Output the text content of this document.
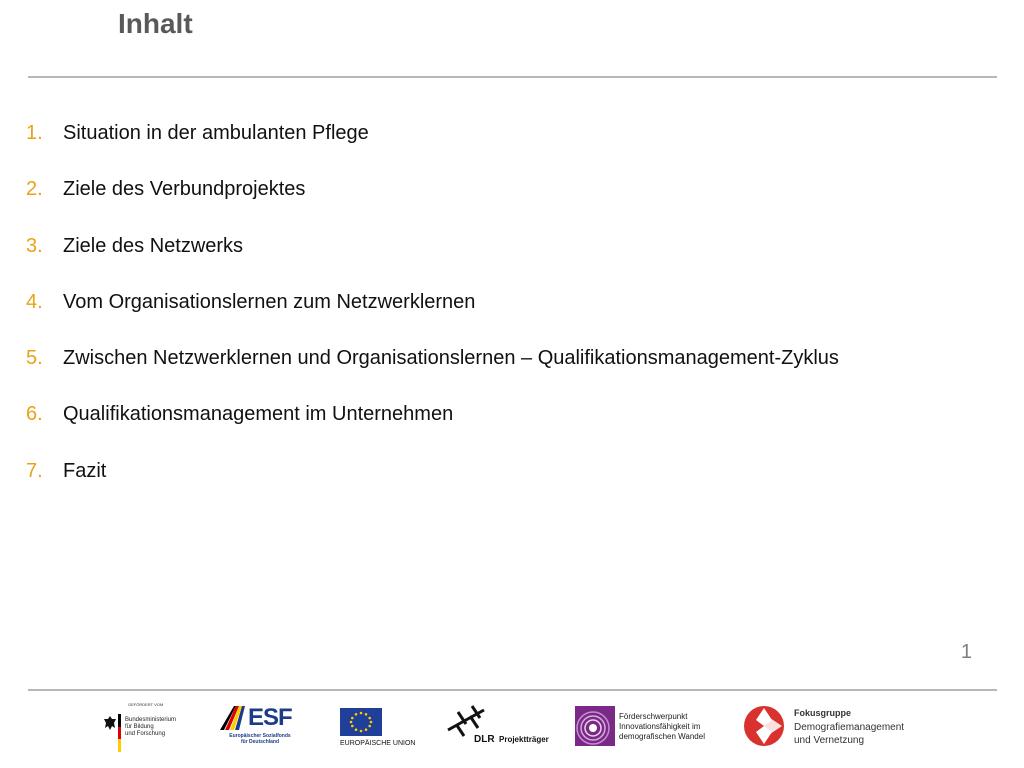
Inhalt
1.	Situation in der ambulanten Pflege
2.	Ziele des Verbundprojektes
3.	Ziele des Netzwerks
4.	Vom Organisationslernen zum Netzwerklernen
5.	Zwischen Netzwerklernen und Organisationslernen – Qualifikationsmanagement-Zyklus
6.	Qualifikationsmanagement im Unternehmen
7.	Fazit
1
GEFÖRDERT VOM
Bundesministerium
für Bildung
und Forschung
ESF
Europäischer Sozialfonds
für Deutschland	EUROPÄISCHE UNION	DLR Projektträger
Förderschwerpunkt
Innovationsfähigkeit im
demografischen Wandel
Fokusgruppe
Demografiemanagement
und Vernetzung
